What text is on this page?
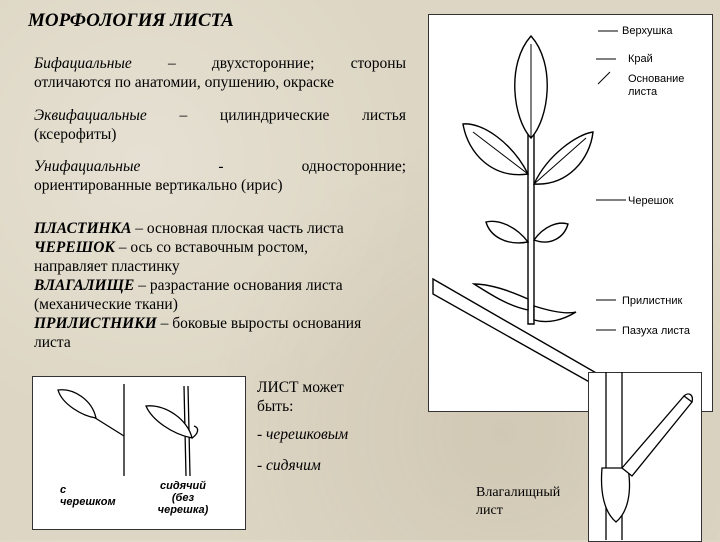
МОРФОЛОГИЯ ЛИСТА
Бифациальные – двухсторонние; стороны
отличаются по анатомии, опушению, окраске
Эквифациальные – цилиндрические листья
(ксерофиты)
Унифациальные - односторонние;
ориентированные вертикально (ирис)
ПЛАСТИНКА – основная плоская часть листа
ЧЕРЕШОК – ось со вставочным ростом,
направляет пластинку
ВЛАГАЛИЩЕ – разрастание основания листа
(механические ткани)
ПРИЛИСТНИКИ – боковые выросты основания
листа
ЛИСТ может
быть:
- черешковым
- сидячим
Верхушка
Край
Основание
листа
Черешок
Прилистник
Пазуха листа
с
черешком
сидячий
(без
черешка)
Влагалищный
лист
